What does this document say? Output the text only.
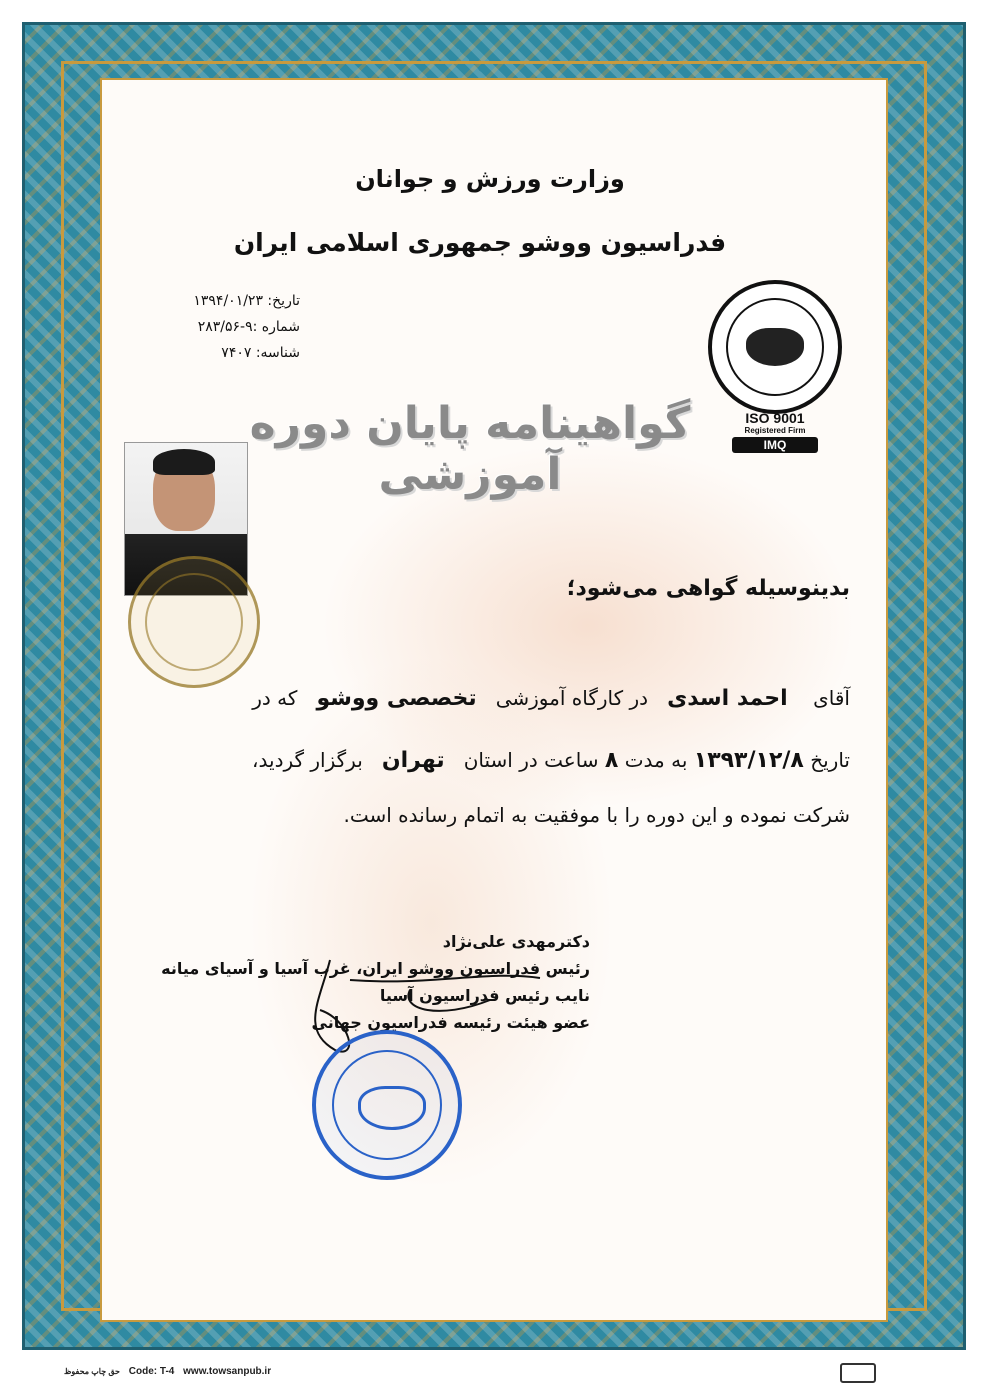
وزارت ورزش و جوانان
فدراسیون ووشو جمهوری اسلامی ایران
تاریخ: ۱۳۹۴/۰۱/۲۳
شماره :۹-۲۸۳/۵۶
شناسه: ۷۴۰۷
ISO 9001
Registered Firm
IMQ
گواهینامه پایان دوره آموزشی
بدینوسیله گواهی می‌شود؛
آقای    احمد اسدی   در کارگاه آموزشی   تخصصی ووشو   که در
تاریخ ۱۳۹۳/۱۲/۸ به مدت ۸ ساعت در استان   تهران   برگزار گردید،
شرکت نموده و این دوره را با موفقیت به اتمام رسانده است.
دکترمهدی علی‌نژاد
رئیس فدراسیون ووشو ایران، غرب آسیا و آسیای میانه
نایب رئیس فدراسیون آسیا
عضو هیئت رئیسه فدراسیون جهانی
حق چاپ محفوظ Code: T-4 www.towsanpub.ir
